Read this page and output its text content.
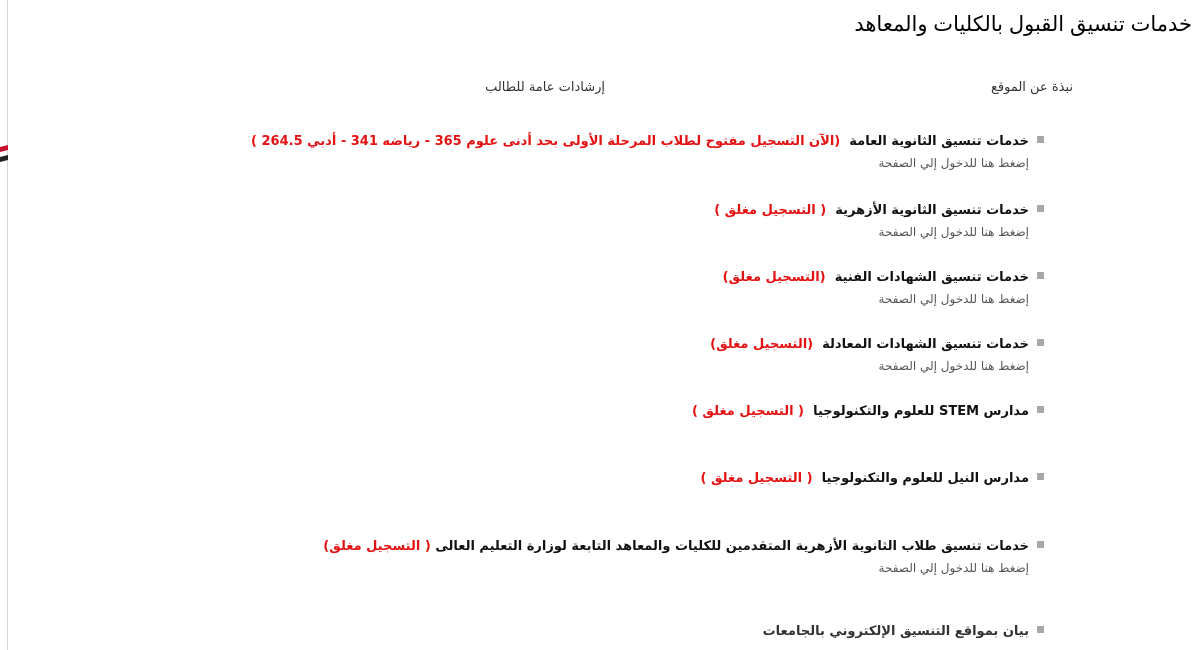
خدمات تنسيق القبول بالكليات والمعاهد
نبذة عن الموقع
إرشادات عامة للطالب
خدمات تنسيق الثانوية العامة  (الآن التسجيل مفتوح لطلاب المرحلة الأولى بحد أدنى علوم 365 - رياضه 341 - أدبي 264.5 )
إضغط هنا للدخول إلي الصفحة
خدمات تنسيق الثانوية الأزهرية  ( التسجيل مغلق )
إضغط هنا للدخول إلي الصفحة
خدمات تنسيق الشهادات الفنية  (التسجيل مغلق)
إضغط هنا للدخول إلي الصفحة
خدمات تنسيق الشهادات المعادلة  (التسجيل مغلق)
إضغط هنا للدخول إلي الصفحة
مدارس STEM للعلوم والتكنولوجيا  ( التسجيل مغلق )
مدارس النيل للعلوم والتكنولوجيا  ( التسجيل مغلق )
خدمات تنسيق طلاب الثانوية الأزهرية المتقدمين للكليات والمعاهد التابعة لوزارة التعليم العالى ( التسجيل مغلق)
إضغط هنا للدخول إلي الصفحة
بيان بمواقع التنسيق الإلكتروني بالجامعات
